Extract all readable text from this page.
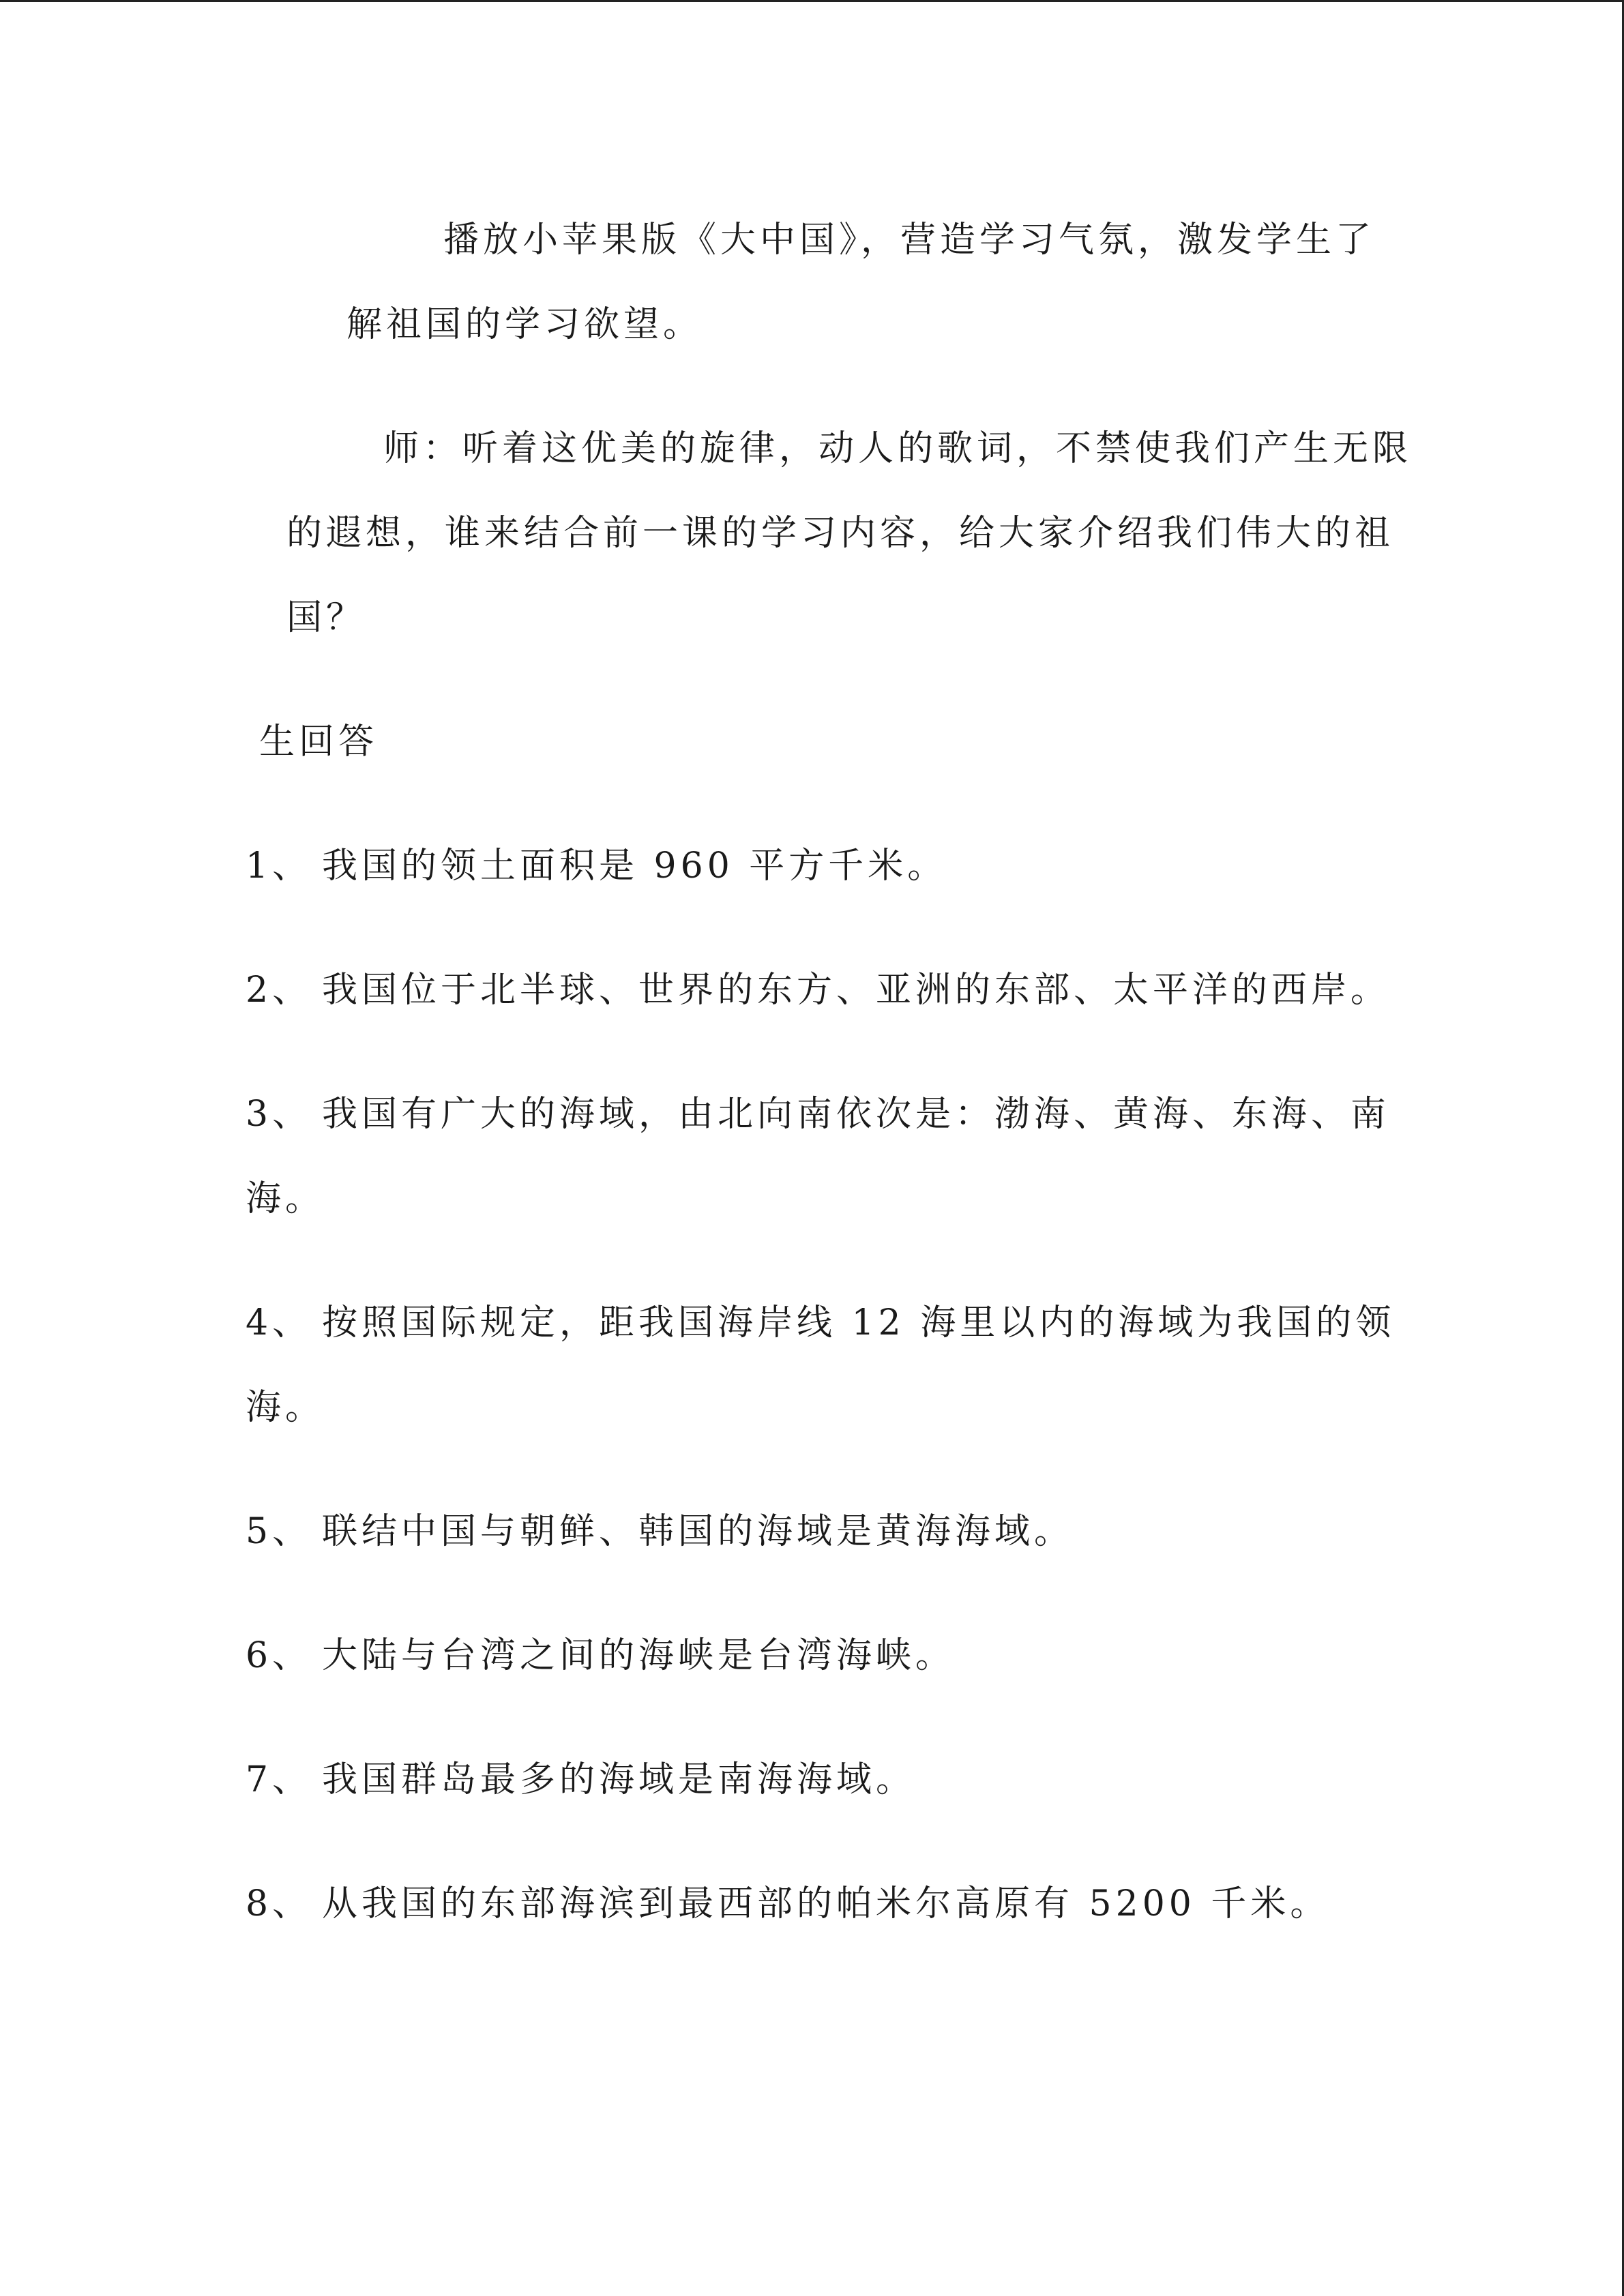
播放小苹果版《大中国》，营造学习气氛，激发学生了
解祖国的学习欲望。
师：听着这优美的旋律，动人的歌词，不禁使我们产生无限
的遐想，谁来结合前一课的学习内容，给大家介绍我们伟大的祖
国？
生回答
1、 我国的领土面积是 960 平方千米。
2、 我国位于北半球、世界的东方、亚洲的东部、太平洋的西岸。
3、 我国有广大的海域，由北向南依次是：渤海、黄海、东海、南
海。
4、 按照国际规定，距我国海岸线 12 海里以内的海域为我国的领
海。
5、 联结中国与朝鲜、韩国的海域是黄海海域。
6、 大陆与台湾之间的海峡是台湾海峡。
7、 我国群岛最多的海域是南海海域。
8、 从我国的东部海滨到最西部的帕米尔高原有 5200 千米。
